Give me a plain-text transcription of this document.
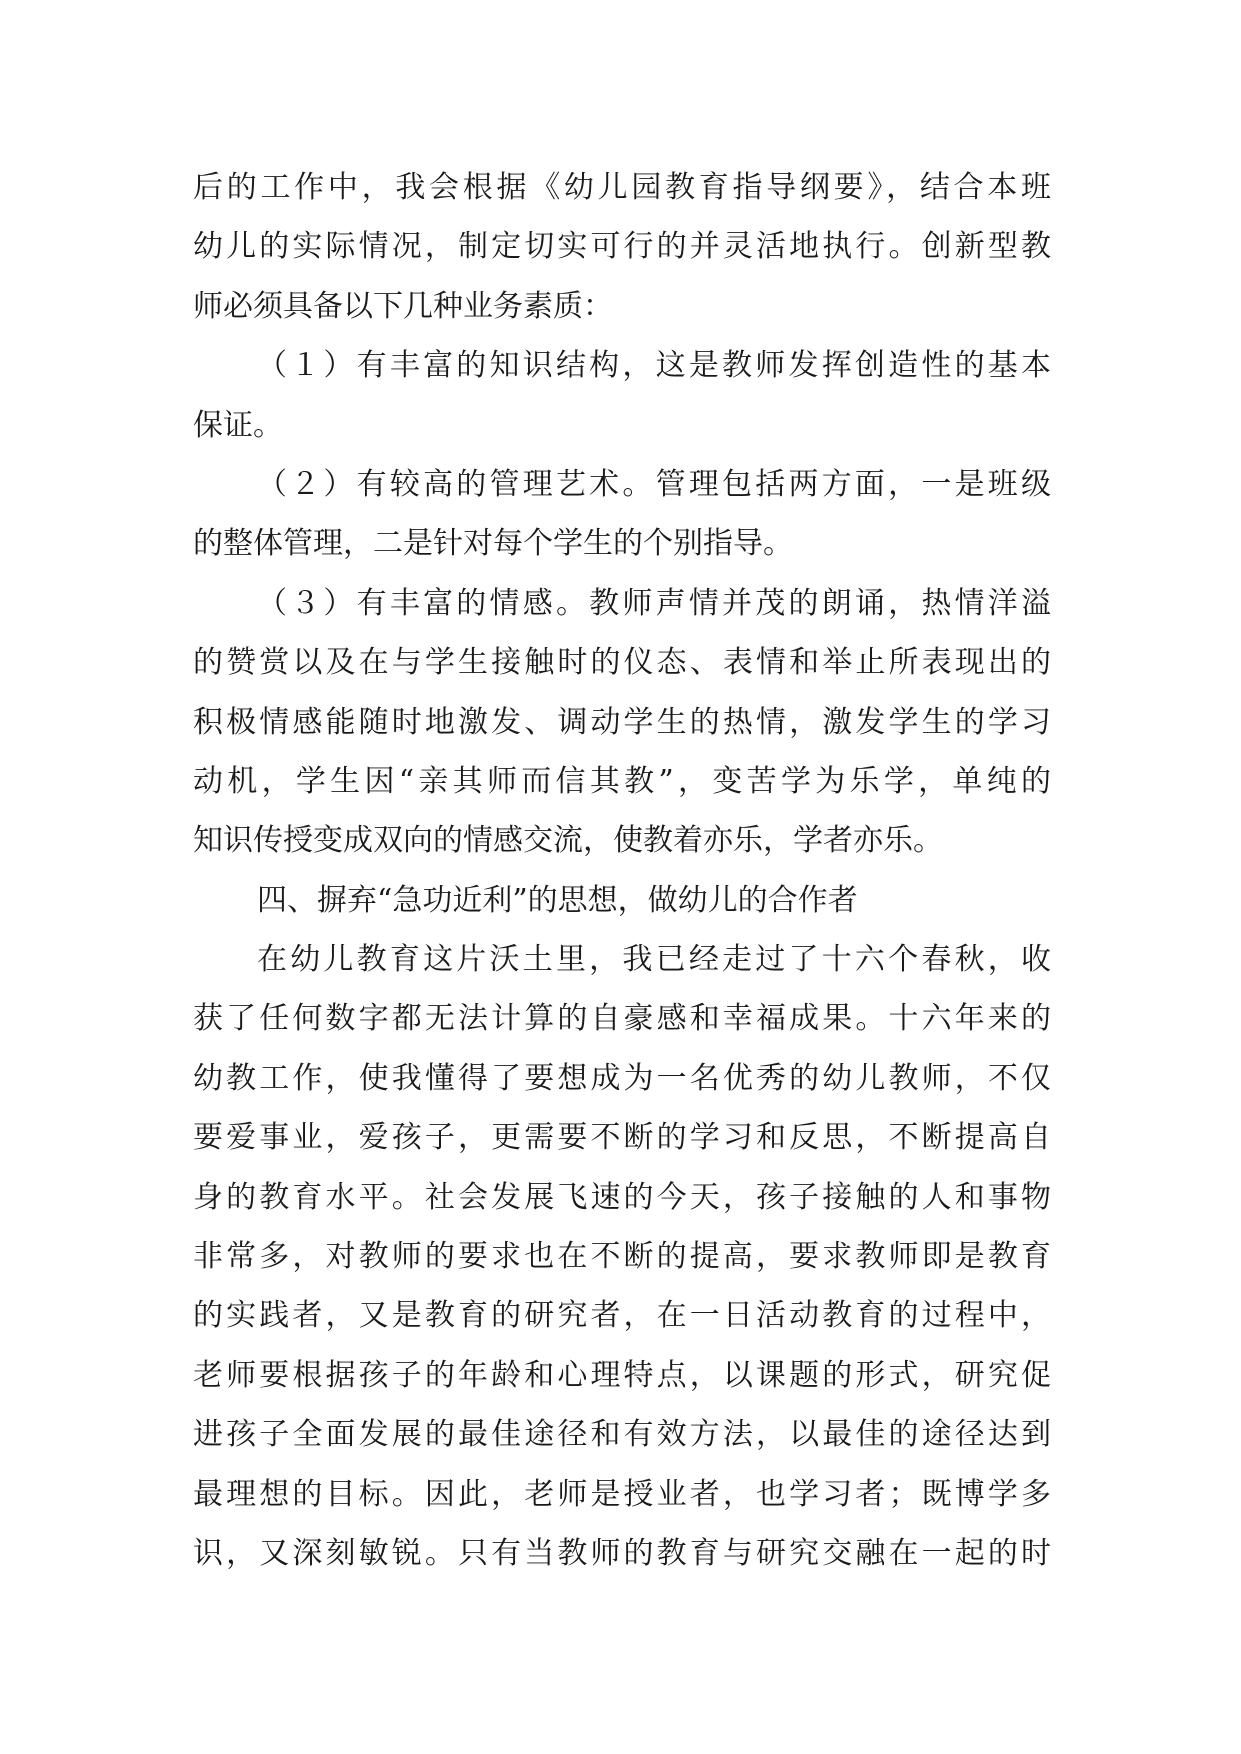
后的工作中，我会根据《幼儿园教育指导纲要》，结合本班
幼儿的实际情况，制定切实可行的并灵活地执行。创新型教
师必须具备以下几种业务素质：
（１）有丰富的知识结构，这是教师发挥创造性的基本
保证。
（２）有较高的管理艺术。管理包括两方面，一是班级
的整体管理，二是针对每个学生的个别指导。
（３）有丰富的情感。教师声情并茂的朗诵，热情洋溢
的赞赏以及在与学生接触时的仪态、表情和举止所表现出的
积极情感能随时地激发、调动学生的热情，激发学生的学习
动机，学生因“亲其师而信其教”，变苦学为乐学，单纯的
知识传授变成双向的情感交流，使教着亦乐，学者亦乐。
四、摒弃“急功近利”的思想，做幼儿的合作者
在幼儿教育这片沃土里，我已经走过了十六个春秋，收
获了任何数字都无法计算的自豪感和幸福成果。十六年来的
幼教工作，使我懂得了要想成为一名优秀的幼儿教师，不仅
要爱事业，爱孩子，更需要不断的学习和反思，不断提高自
身的教育水平。社会发展飞速的今天，孩子接触的人和事物
非常多，对教师的要求也在不断的提高，要求教师即是教育
的实践者，又是教育的研究者，在一日活动教育的过程中，
老师要根据孩子的年龄和心理特点，以课题的形式，研究促
进孩子全面发展的最佳途径和有效方法，以最佳的途径达到
最理想的目标。因此，老师是授业者，也学习者；既博学多
识，又深刻敏锐。只有当教师的教育与研究交融在一起的时
